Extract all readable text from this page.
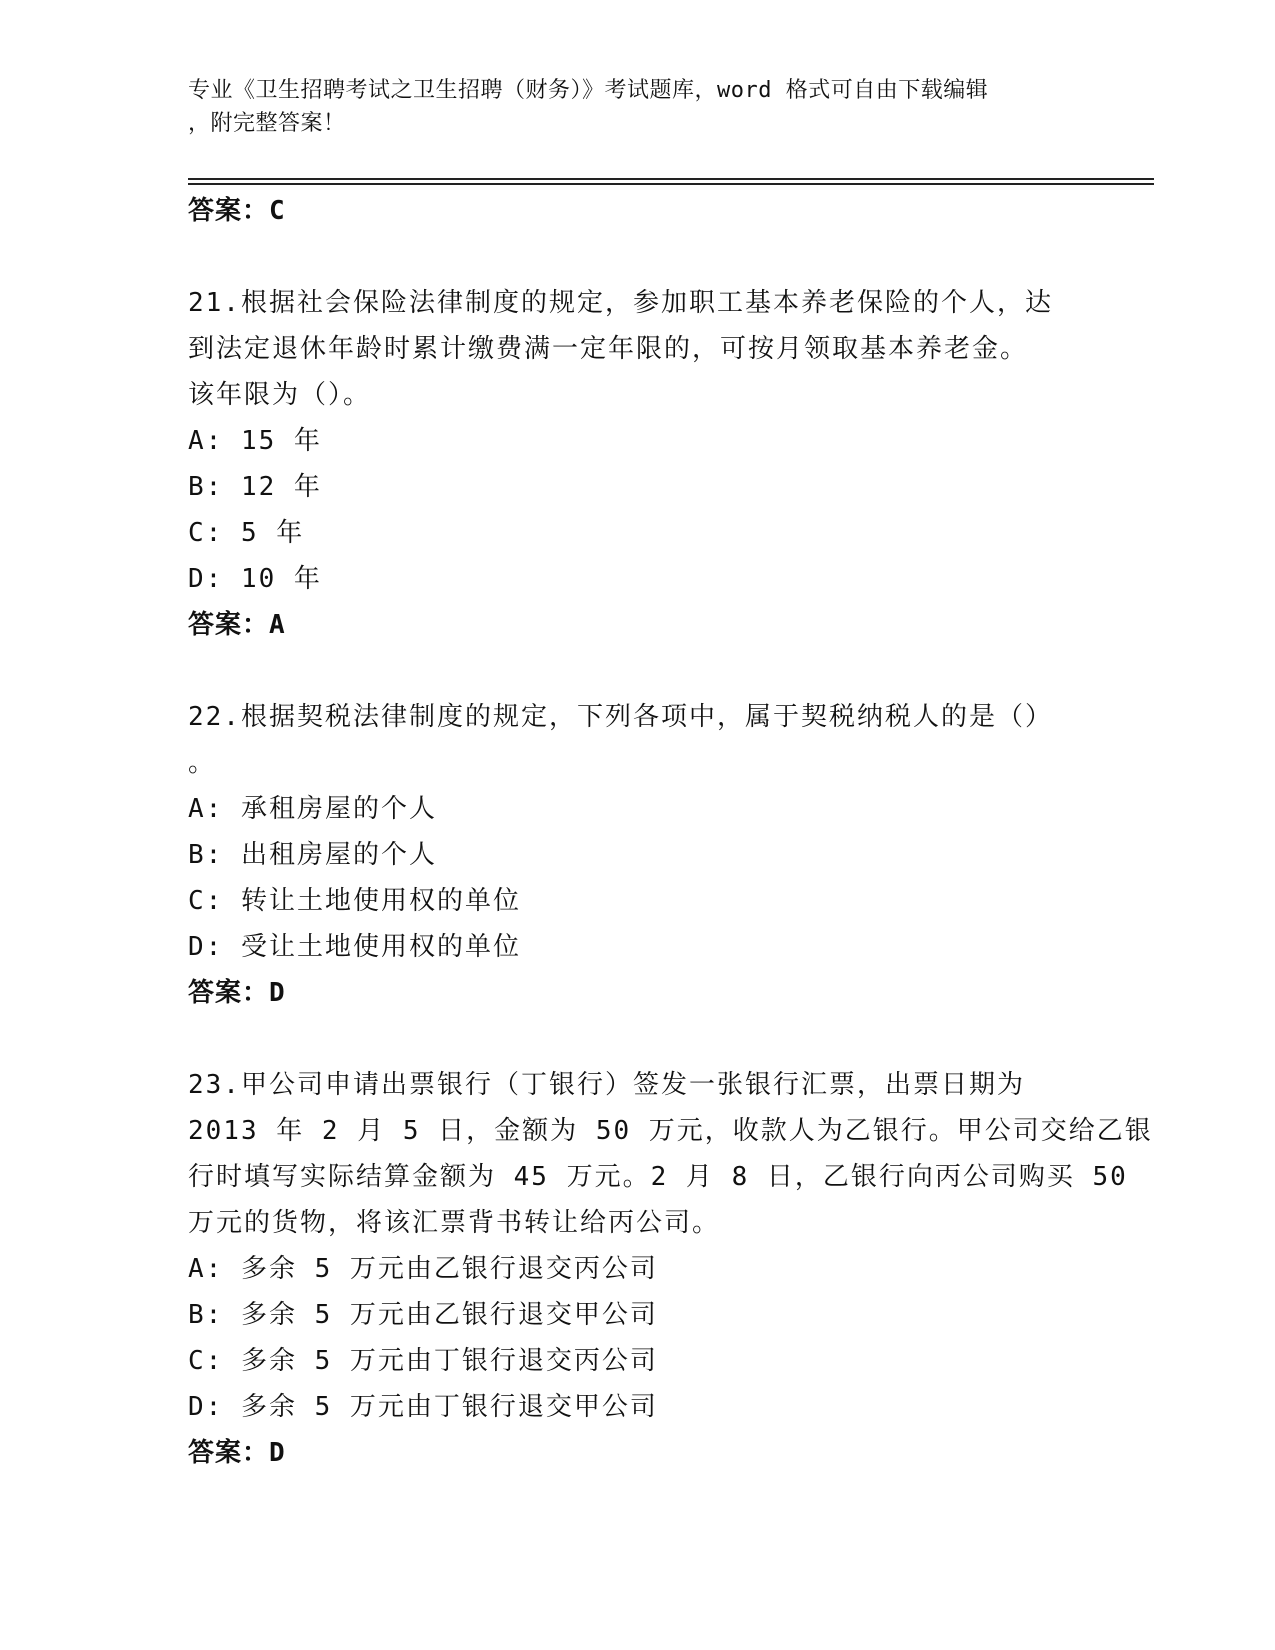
专业《卫生招聘考试之卫生招聘（财务）》考试题库，word 格式可自由下载编辑
，附完整答案！
答案：C
21.根据社会保险法律制度的规定，参加职工基本养老保险的个人，达
到法定退休年龄时累计缴费满一定年限的，可按月领取基本养老金。
该年限为（）。
A: 15 年
B: 12 年
C: 5 年
D: 10 年
答案：A
22.根据契税法律制度的规定，下列各项中，属于契税纳税人的是（）
。
A: 承租房屋的个人
B: 出租房屋的个人
C: 转让土地使用权的单位
D: 受让土地使用权的单位
答案：D
23.甲公司申请出票银行（丁银行）签发一张银行汇票，出票日期为
2013 年 2 月 5 日，金额为 50 万元，收款人为乙银行。甲公司交给乙银
行时填写实际结算金额为 45 万元。2 月 8 日，乙银行向丙公司购买 50
万元的货物，将该汇票背书转让给丙公司。
A: 多余 5 万元由乙银行退交丙公司
B: 多余 5 万元由乙银行退交甲公司
C: 多余 5 万元由丁银行退交丙公司
D: 多余 5 万元由丁银行退交甲公司
答案：D
